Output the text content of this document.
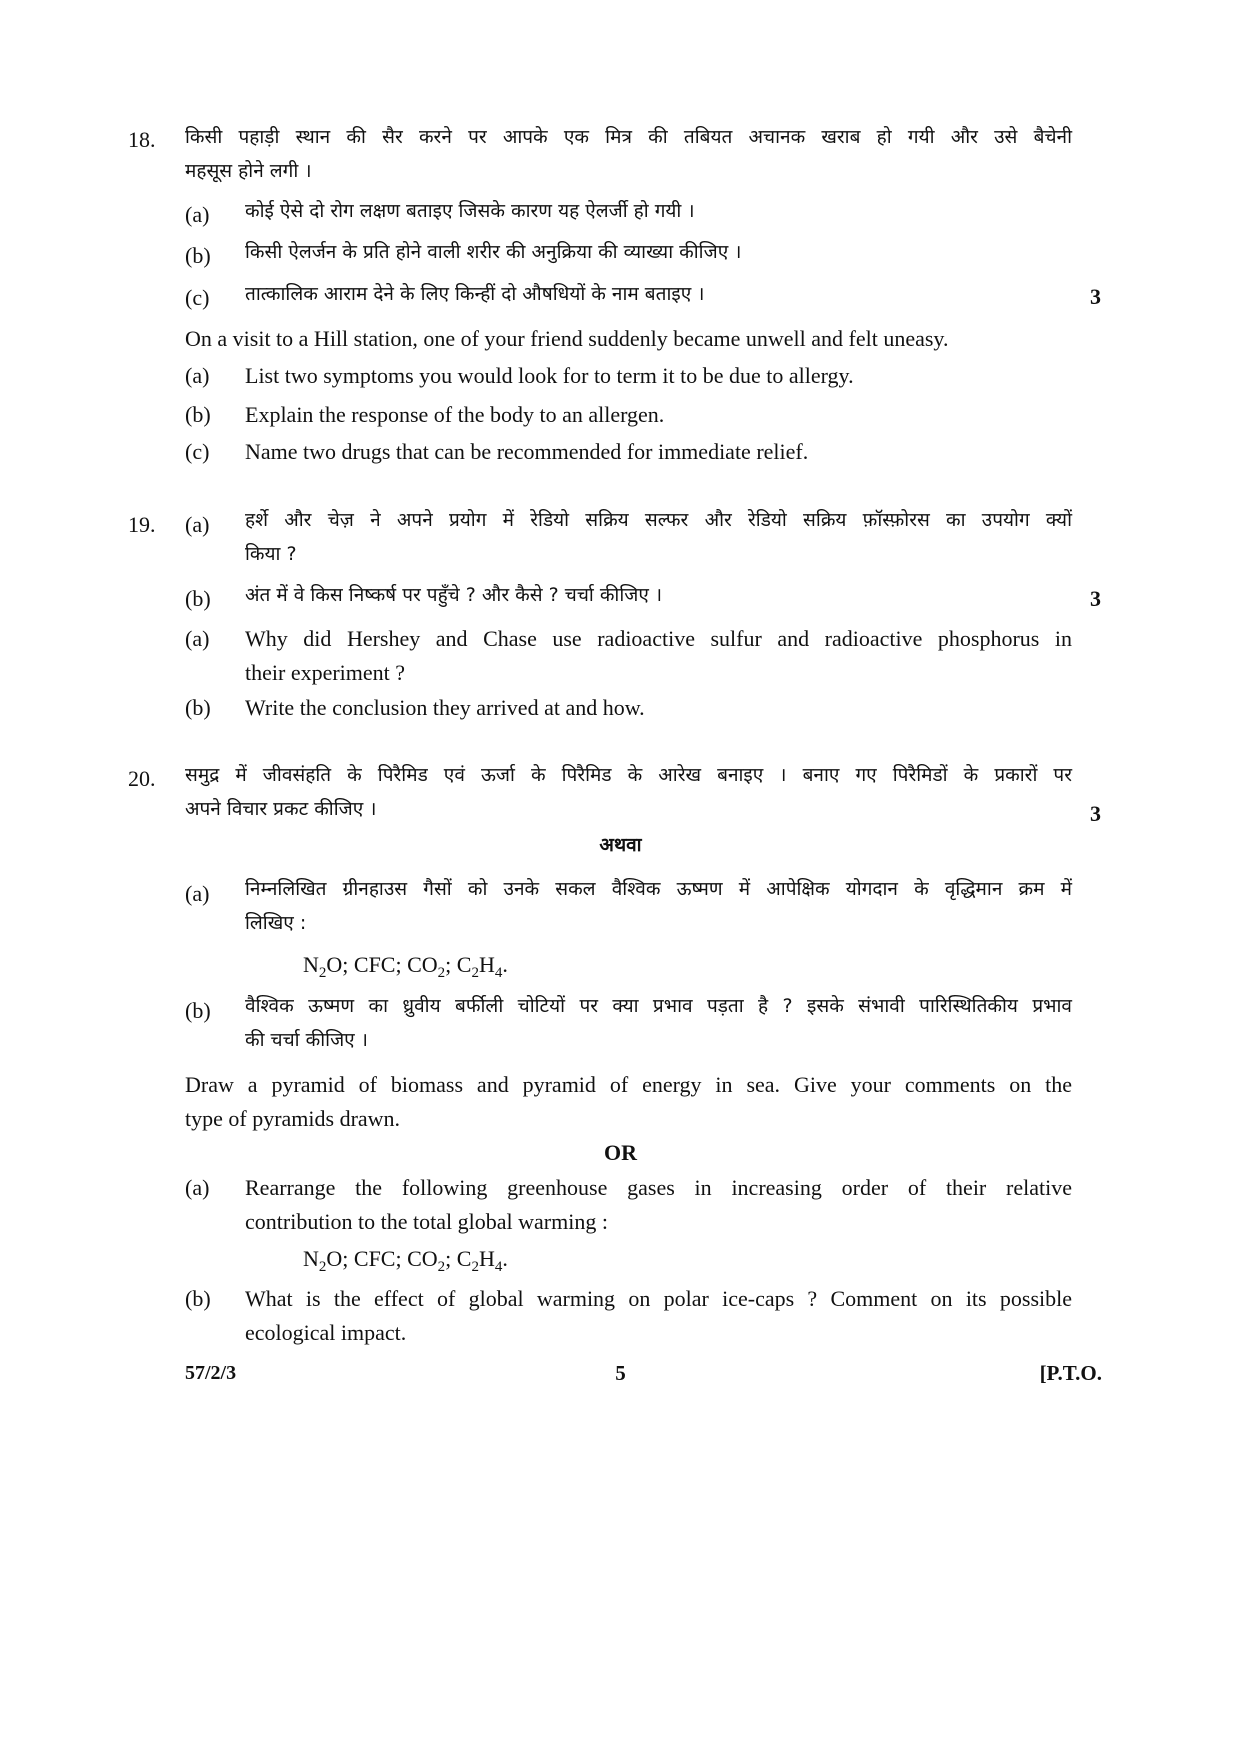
18. किसी पहाड़ी स्थान की सैर करने पर आपके एक मित्र की तबियत अचानक खराब हो गयी और उसे बैचेनी
महसूस होने लगी ।
(a) कोई ऐसे दो रोग लक्षण बताइए जिसके कारण यह ऐलर्जी हो गयी ।
(b) किसी ऐलर्जन के प्रति होने वाली शरीर की अनुक्रिया की व्याख्या कीजिए ।
(c) तात्कालिक आराम देने के लिए किन्हीं दो औषधियों के नाम बताइए ।	3
On a visit to a Hill station, one of your friend suddenly became unwell and felt uneasy.
(a) List two symptoms you would look for to term it to be due to allergy.
(b) Explain the response of the body to an allergen.
(c) Name two drugs that can be recommended for immediate relief.
19. (a) हर्शे और चेज़ ने अपने प्रयोग में रेडियो सक्रिय सल्फर और रेडियो सक्रिय फ़ॉस्फ़ोरस का उपयोग क्यों
किया ?
(b) अंत में वे किस निष्कर्ष पर पहुँचे ? और कैसे ? चर्चा कीजिए ।	3
(a) Why did Hershey and Chase use radioactive sulfur and radioactive phosphorus in
their experiment ?
(b) Write the conclusion they arrived at and how.
20. समुद्र में जीवसंहति के पिरैमिड एवं ऊर्जा के पिरैमिड के आरेख बनाइए । बनाए गए पिरैमिडों के प्रकारों पर
अपने विचार प्रकट कीजिए ।	3
अथवा
(a) निम्नलिखित ग्रीनहाउस गैसों को उनके सकल वैश्विक ऊष्मण में आपेक्षिक योगदान के वृद्धिमान क्रम में
लिखिए :
$N_2O$; CFC; $CO_2$; $C_2H_4$.
(b) वैश्विक ऊष्मण का ध्रुवीय बर्फीली चोटियों पर क्या प्रभाव पड़ता है ? इसके संभावी पारिस्थितिकीय प्रभाव
की चर्चा कीजिए ।
Draw a pyramid of biomass and pyramid of energy in sea. Give your comments on the
type of pyramids drawn.
OR
(a) Rearrange the following greenhouse gases in increasing order of their relative
contribution to the total global warming :
$N_2O$; CFC; $CO_2$; $C_2H_4$.
(b) What is the effect of global warming on polar ice-caps ? Comment on its possible
ecological impact.
57/2/3	5	[P.T.O.
